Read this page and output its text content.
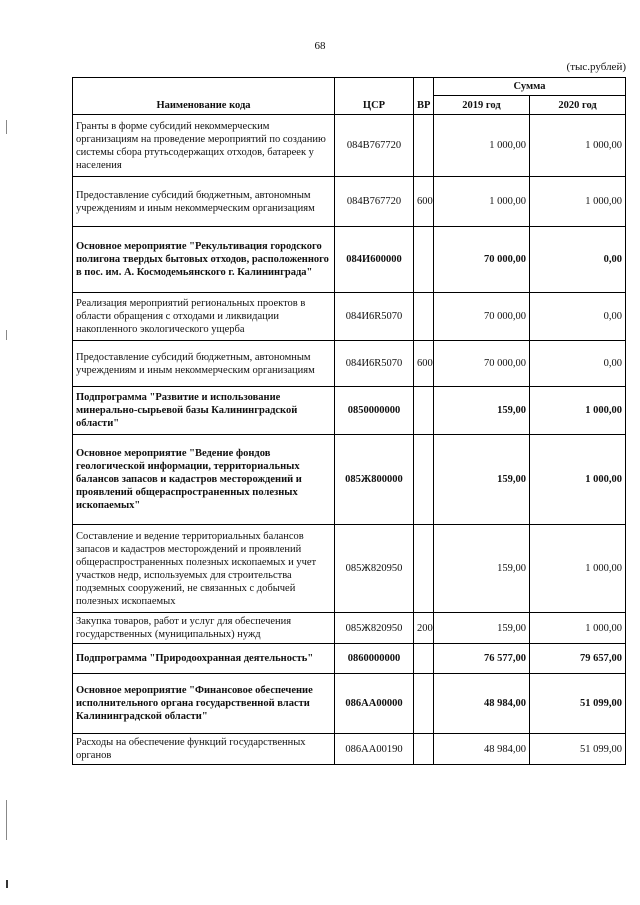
68
(тыс.рублей)
Наименование кода	ЦСР	ВР	Сумма	
			2019 год	2020 год
Гранты в форме субсидий некоммерческим организациям на проведение мероприятий по созданию системы сбора ртутьсодержащих отходов, батареек у населения	084В767720		1 000,00	1 000,00
Предоставление субсидий бюджетным, автономным учреждениям и иным некоммерческим организациям	084В767720	600	1 000,00	1 000,00
Основное мероприятие "Рекультивация городского полигона твердых бытовых отходов, расположенного в пос. им. А. Космодемьянского г. Калининграда"	084И600000		70 000,00	0,00
Реализация мероприятий региональных проектов в области обращения с отходами и ликвидации накопленного экологического ущерба	084И6R5070		70 000,00	0,00
Предоставление субсидий бюджетным, автономным учреждениям и иным некоммерческим организациям	084И6R5070	600	70 000,00	0,00
Подпрограмма "Развитие и использование минерально-сырьевой базы Калининградской области"	0850000000		159,00	1 000,00
Основное мероприятие "Ведение фондов геологической информации, территориальных балансов запасов и кадастров месторождений и проявлений общераспространенных полезных ископаемых"	085Ж800000		159,00	1 000,00
Составление и ведение территориальных балансов запасов и кадастров месторождений и проявлений общераспространенных полезных ископаемых и учет участков недр, используемых для строительства подземных сооружений, не связанных с добычей полезных ископаемых	085Ж820950		159,00	1 000,00
Закупка товаров, работ и услуг для обеспечения государственных (муниципальных) нужд	085Ж820950	200	159,00	1 000,00
Подпрограмма "Природоохранная деятельность"	0860000000		76 577,00	79 657,00
Основное мероприятие "Финансовое обеспечение исполнительного органа государственной власти Калининградской области"	086АА00000		48 984,00	51 099,00
Расходы на обеспечение функций государственных органов	086АА00190		48 984,00	51 099,00
